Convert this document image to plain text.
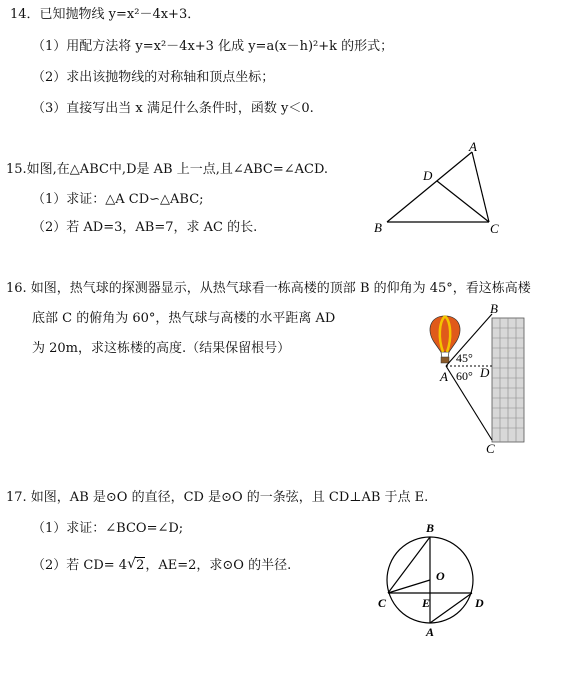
14．已知抛物线 y=x²－4x+3．
（1）用配方法将 y=x²－4x+3 化成 y=a(x－h)²+k 的形式；
（2）求出该抛物线的对称轴和顶点坐标；
（3）直接写出当 x 满足什么条件时，函数 y＜0.
15.如图,在△ABC中,D是 AB 上一点,且∠ABC=∠ACD.
（1）求证：△A CD∽△ABC;
（2）若 AD=3，AB=7，求 AC 的长.
A
B	C
D
16. 如图，热气球的探测器显示，从热气球看一栋高楼的顶部 B 的仰角为 45°，看这栋高楼
底部 C 的俯角为 60°，热气球与高楼的水平距离 AD
为 20m，求这栋楼的高度.（结果保留根号）
45°
60°
B
A D
C
17. 如图，AB 是⊙O 的直径，CD 是⊙O 的一条弦，且 CD⊥AB 于点 E.
（1）求证：∠BCO=∠D;
（2）若 CD= 4 √ 2，AE=2，求⊙O 的半径.
B
O
C	E	D
A
